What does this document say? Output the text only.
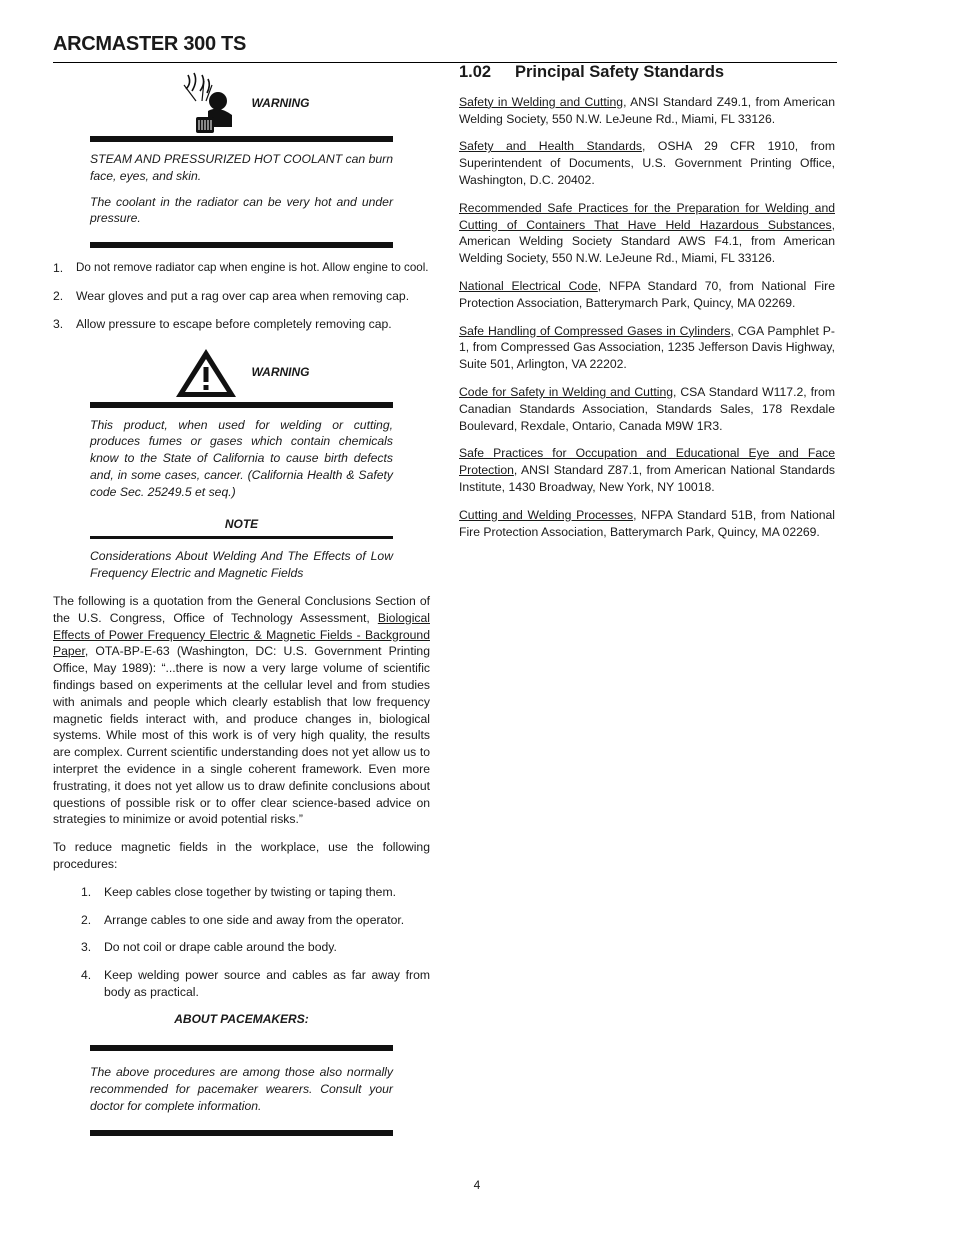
ARCMASTER 300 TS
WARNING

STEAM AND PRESSURIZED HOT COOLANT can burn face, eyes, and skin.

The coolant in the radiator can be very hot and under pressure.

1.	Do not remove radiator cap when engine is hot. Allow engine to cool.
2.	Wear gloves and put a rag over cap area when removing cap.
3.	Allow pressure to escape before completely removing cap.
WARNING

This product, when used for welding or cutting, produces fumes or gases which contain chemicals know to the State of California to cause birth defects and, in some cases, cancer. (California Health & Safety code Sec. 25249.5 et seq.)

NOTE

Considerations About Welding And The Effects of Low Frequency Electric and Magnetic Fields

The following is a quotation from the General Conclusions Section of the U.S. Congress, Office of Technology Assessment, Biological Effects of Power Frequency Electric & Magnetic Fields - Background Paper, OTA-BP-E-63 (Washington, DC: U.S. Government Printing Office, May 1989): “...there is now a very large volume of scientific findings based on experiments at the cellular level and from studies with animals and people which clearly establish that low frequency magnetic fields interact with, and produce changes in, biological systems. While most of this work is of very high quality, the results are complex. Current scientific understanding does not yet allow us to interpret the evidence in a single coherent framework. Even more frustrating, it does not yet allow us to draw definite conclusions about questions of possible risk or to offer clear science-based advice on strategies to minimize or avoid potential risks.”

To reduce magnetic fields in the workplace, use the following procedures:

1.	Keep cables close together by twisting or taping them.
2.	Arrange cables to one side and away from the operator.
3.	Do not coil or drape cable around the body.
4.	Keep welding power source and cables as far away from body as practical.
ABOUT PACEMAKERS:

The above procedures are among those also normally recommended for pacemaker wearers. Consult your doctor for complete information.

1.02 Principal Safety Standards

Safety in Welding and Cutting, ANSI Standard Z49.1, from American Welding Society, 550 N.W. LeJeune Rd., Miami, FL 33126.

Safety and Health Standards, OSHA 29 CFR 1910, from Superintendent of Documents, U.S. Government Printing Office, Washington, D.C. 20402.

Recommended Safe Practices for the Preparation for Welding and Cutting of Containers That Have Held Hazardous Substances, American Welding Society Standard AWS F4.1, from American Welding Society, 550 N.W. LeJeune Rd., Miami, FL 33126.

National Electrical Code, NFPA Standard 70, from National Fire Protection Association, Batterymarch Park, Quincy, MA 02269.

Safe Handling of Compressed Gases in Cylinders, CGA Pamphlet P-1, from Compressed Gas Association, 1235 Jefferson Davis Highway, Suite 501, Arlington, VA 22202.

Code for Safety in Welding and Cutting, CSA Standard W117.2, from Canadian Standards Association, Standards Sales, 178 Rexdale Boulevard, Rexdale, Ontario, Canada M9W 1R3.

Safe Practices for Occupation and Educational Eye and Face Protection, ANSI Standard Z87.1, from American National Standards Institute, 1430 Broadway, New York, NY 10018.

Cutting and Welding Processes, NFPA Standard 51B, from National Fire Protection Association, Batterymarch Park, Quincy, MA 02269.

4
